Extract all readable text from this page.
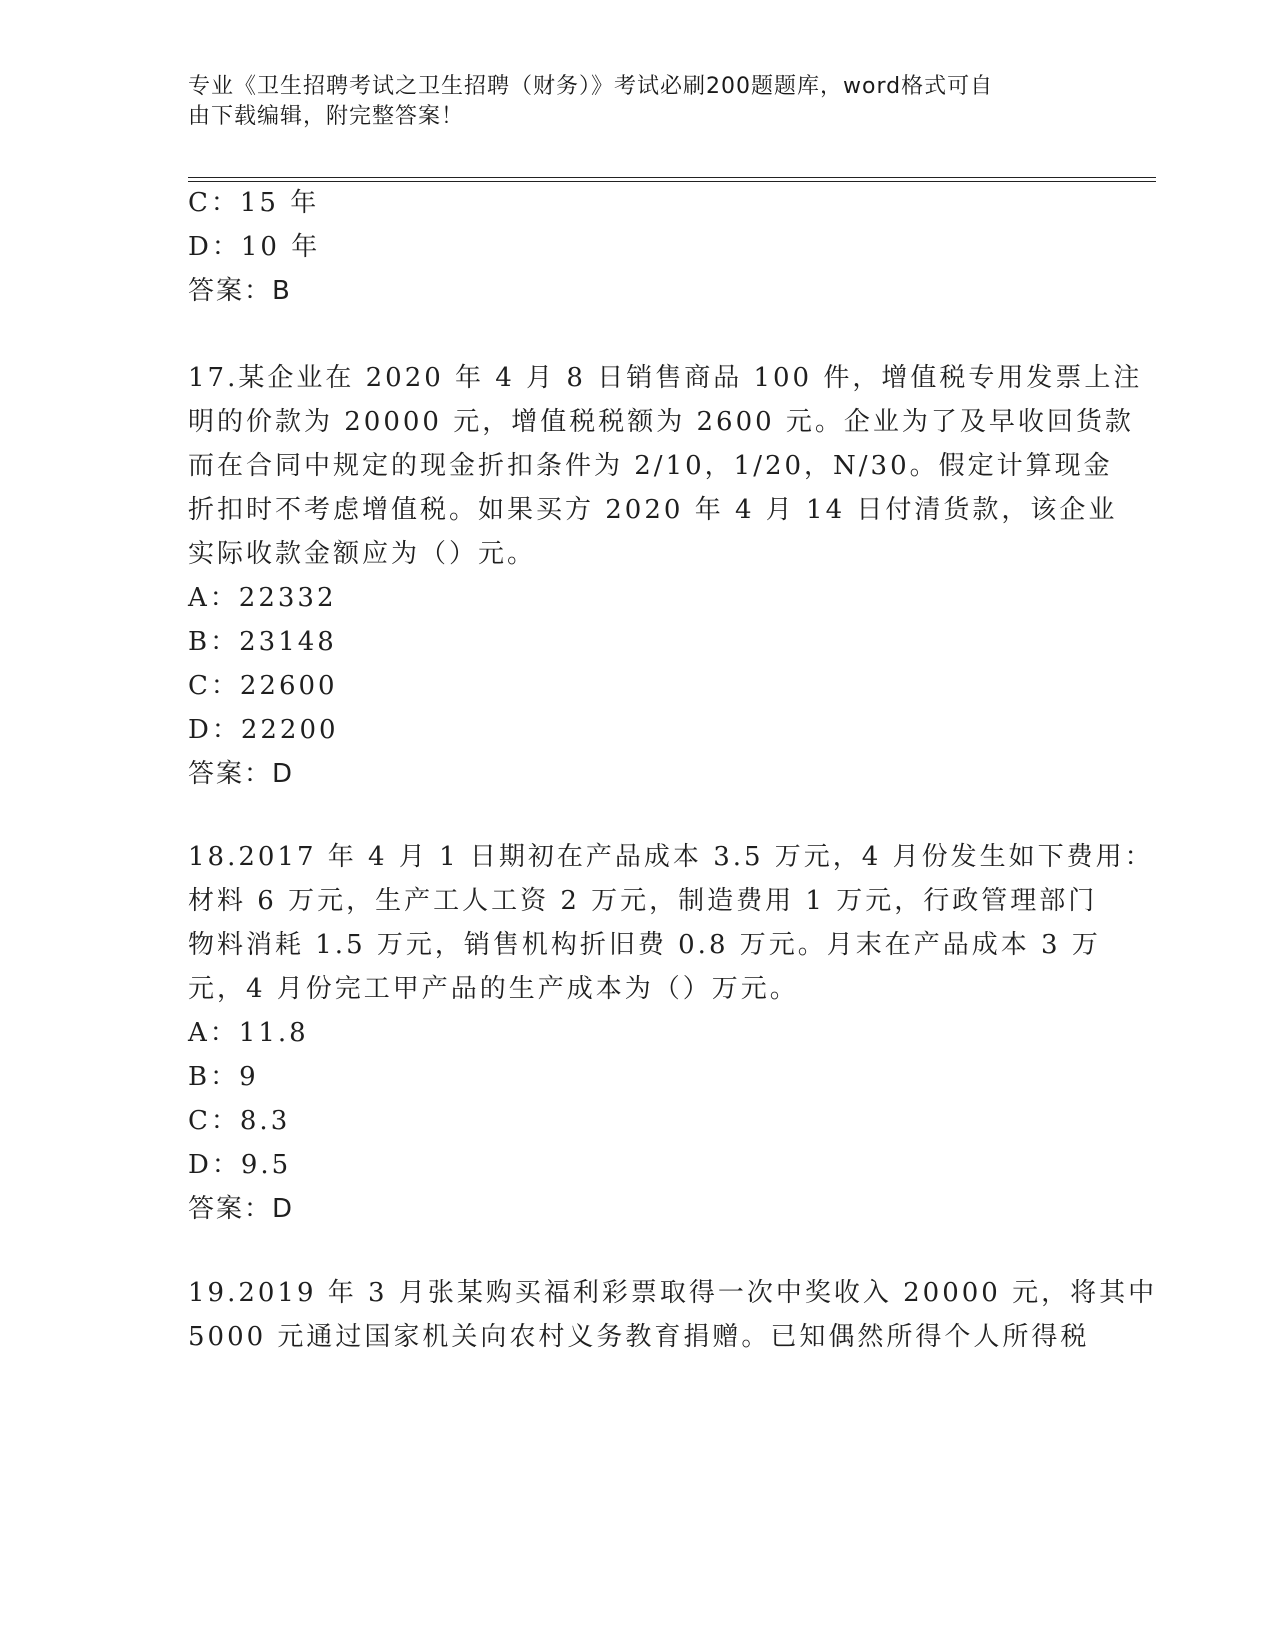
专业《卫生招聘考试之卫生招聘（财务）》考试必刷200题题库，word格式可自
由下载编辑，附完整答案！
C：15 年
D：10 年
答案：B
17.某企业在 2020 年 4 月 8 日销售商品 100 件，增值税专用发票上注
明的价款为 20000 元，增值税税额为 2600 元。企业为了及早收回货款
而在合同中规定的现金折扣条件为 2/10，1/20，N/30。假定计算现金
折扣时不考虑增值税。如果买方 2020 年 4 月 14 日付清货款，该企业
实际收款金额应为（）元。
A：22332
B：23148
C：22600
D：22200
答案：D
18.2017 年 4 月 1 日期初在产品成本 3.5 万元，4 月份发生如下费用：
材料 6 万元，生产工人工资 2 万元，制造费用 1 万元，行政管理部门
物料消耗 1.5 万元，销售机构折旧费 0.8 万元。月末在产品成本 3 万
元，4 月份完工甲产品的生产成本为（）万元。
A：11.8
B：9
C：8.3
D：9.5
答案：D
19.2019 年 3 月张某购买福利彩票取得一次中奖收入 20000 元，将其中
5000 元通过国家机关向农村义务教育捐赠。已知偶然所得个人所得税
